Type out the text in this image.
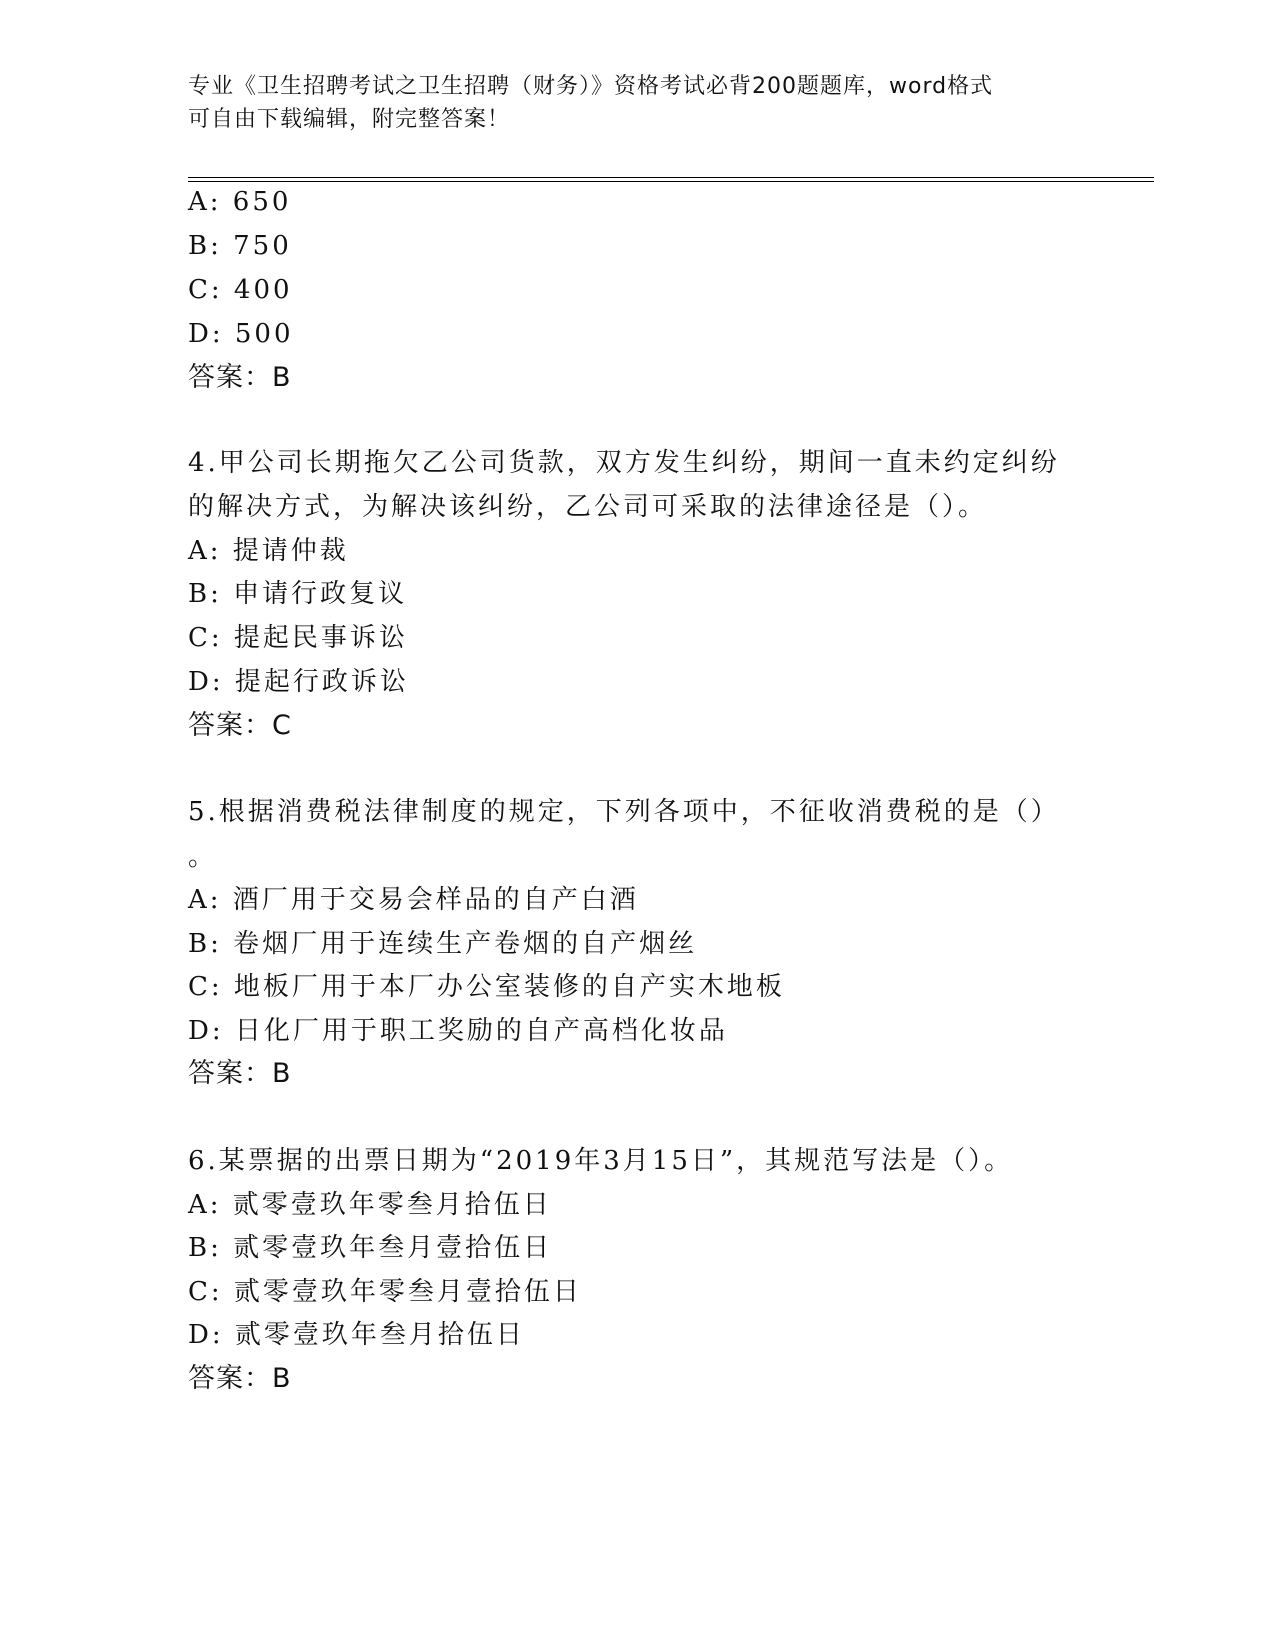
专业《卫生招聘考试之卫生招聘（财务）》资格考试必背200题题库，word格式
可自由下载编辑，附完整答案！
A: 650
B: 750
C: 400
D: 500
答案：B
4.甲公司长期拖欠乙公司货款，双方发生纠纷，期间一直未约定纠纷
的解决方式，为解决该纠纷，乙公司可采取的法律途径是（）。
A: 提请仲裁
B: 申请行政复议
C: 提起民事诉讼
D: 提起行政诉讼
答案：C
5.根据消费税法律制度的规定，下列各项中，不征收消费税的是（）
。
A: 酒厂用于交易会样品的自产白酒
B: 卷烟厂用于连续生产卷烟的自产烟丝
C: 地板厂用于本厂办公室装修的自产实木地板
D: 日化厂用于职工奖励的自产高档化妆品
答案：B
6.某票据的出票日期为“2019年3月15日”，其规范写法是（）。
A: 贰零壹玖年零叁月拾伍日
B: 贰零壹玖年叁月壹拾伍日
C: 贰零壹玖年零叁月壹拾伍日
D: 贰零壹玖年叁月拾伍日
答案：B
